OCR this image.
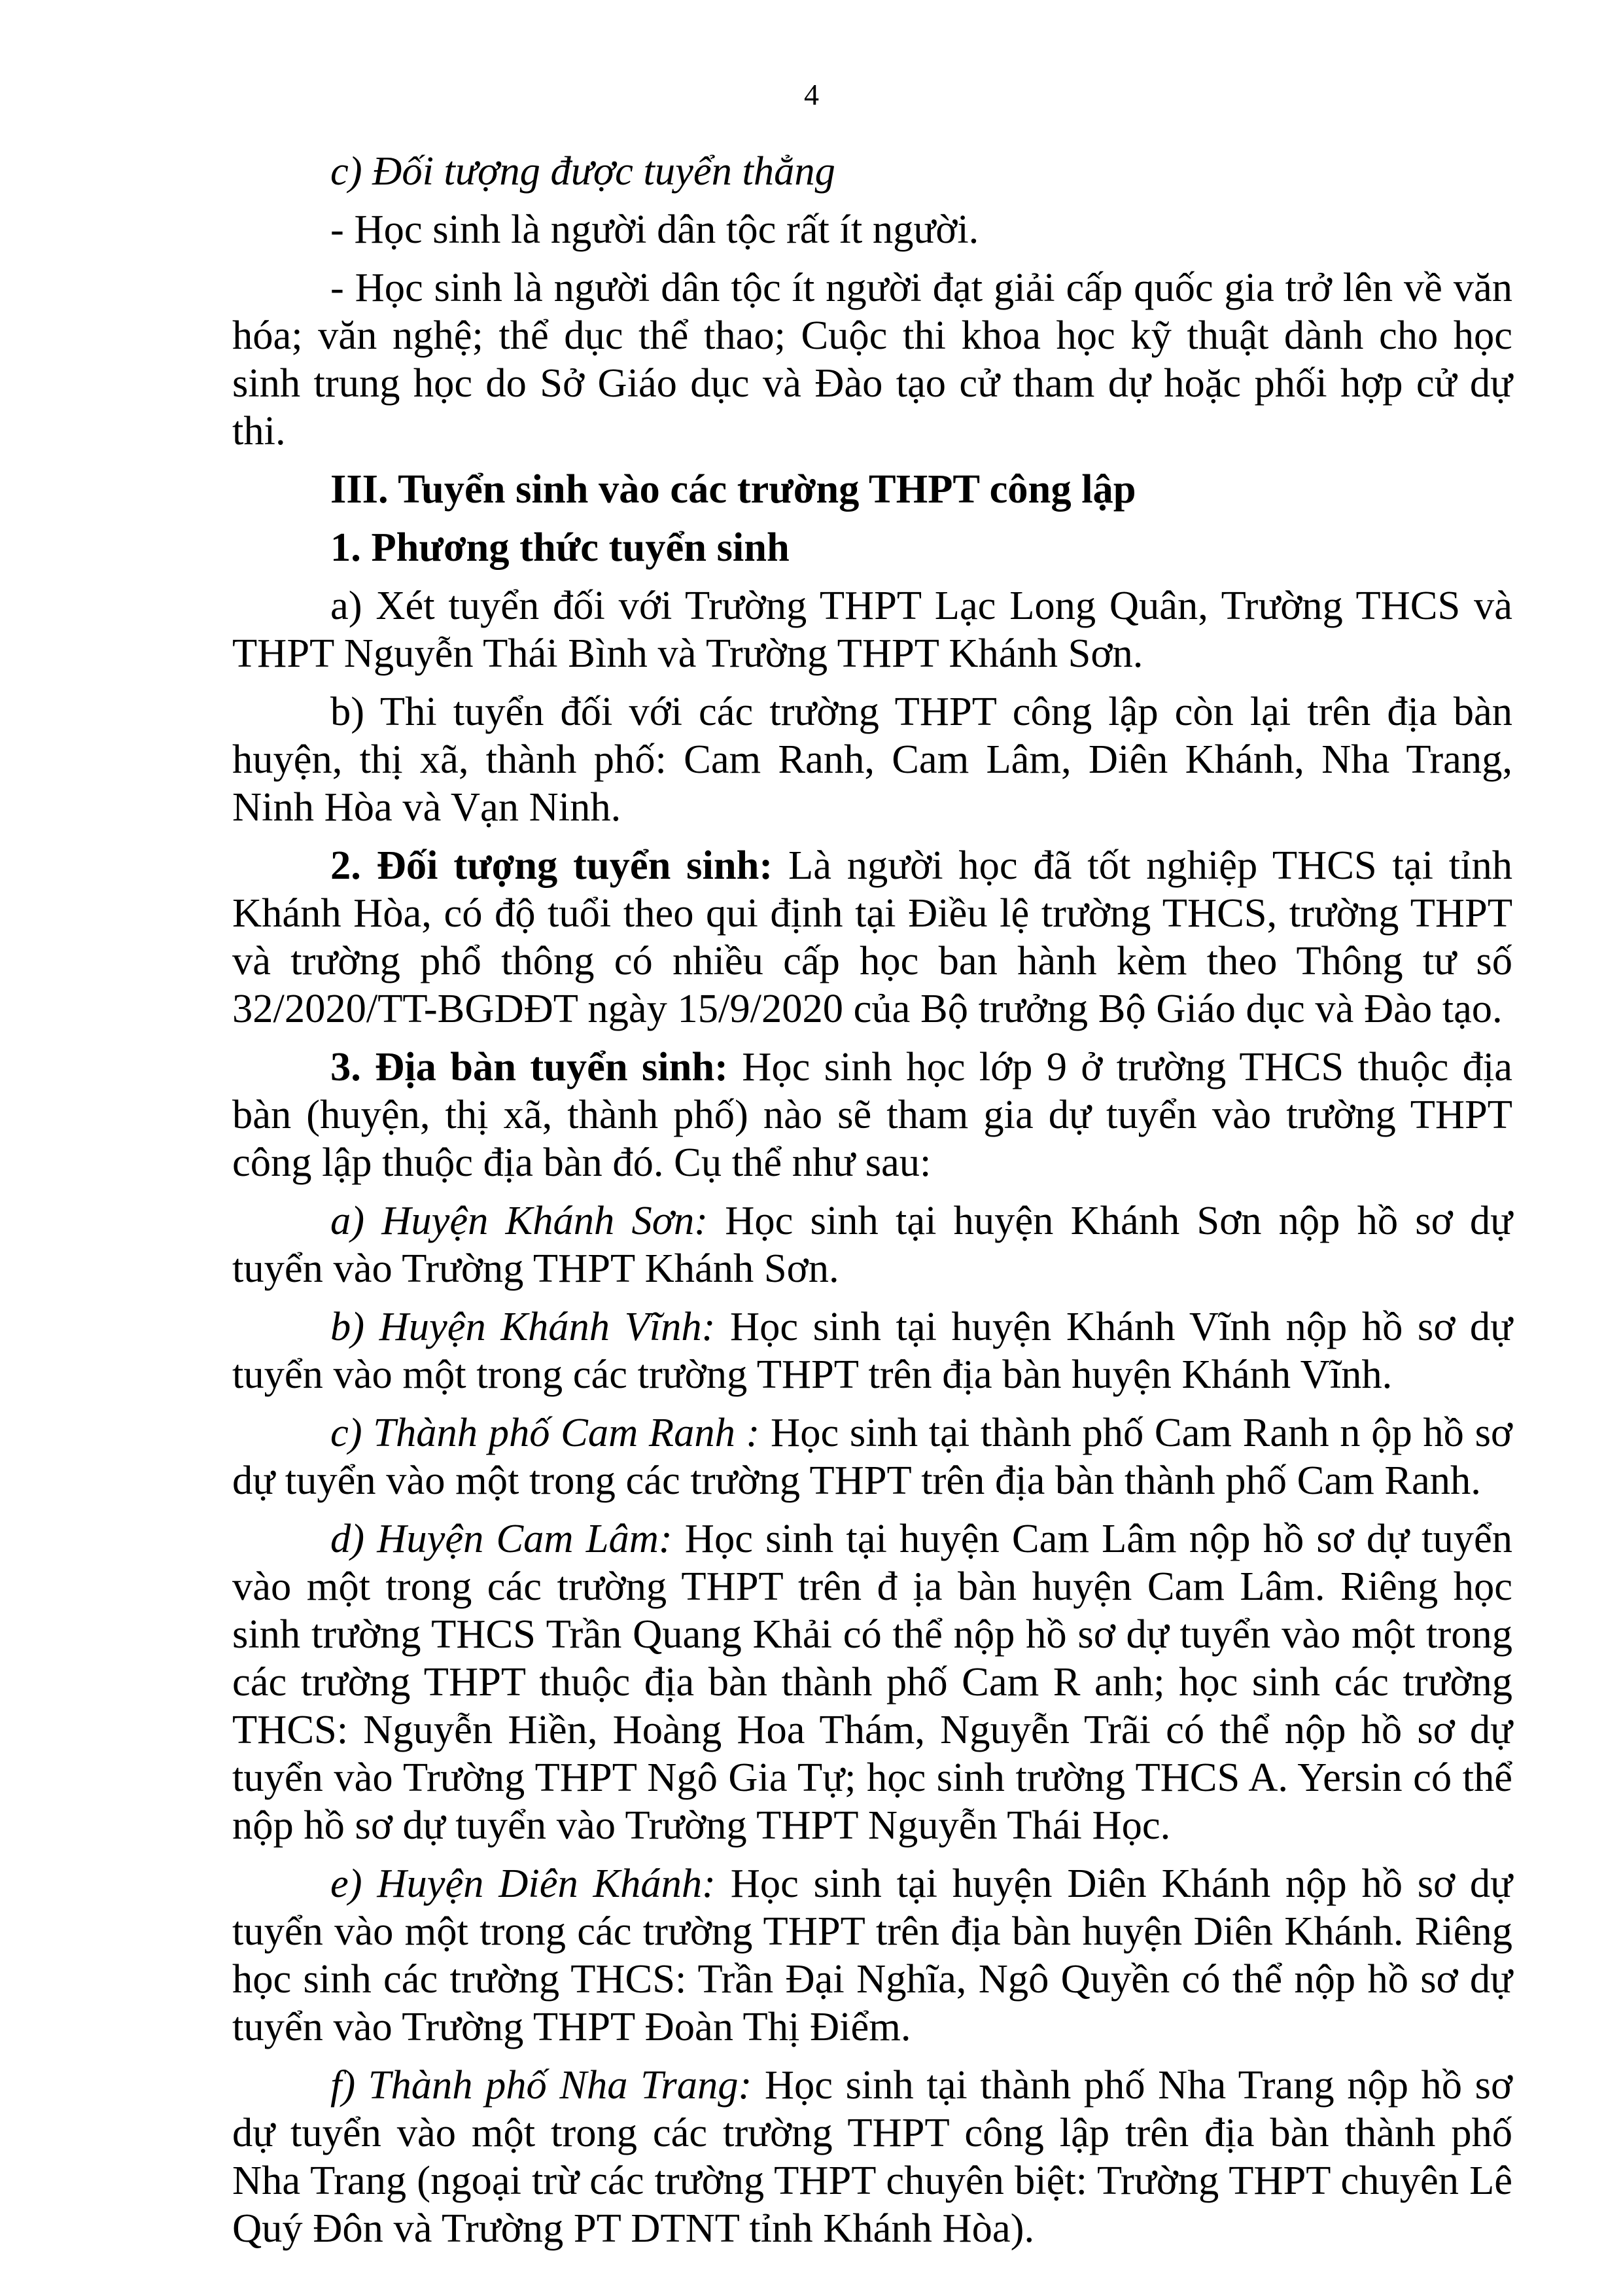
4

c) Đối tượng được tuyển thẳng

- Học sinh là người dân tộc rất ít người.

- Học sinh là người dân tộc ít người đạt giải cấp quốc gia trở lên về văn hóa; văn nghệ; thể dục thể thao; Cuộc thi khoa học kỹ thuật dành cho học sinh trung học do Sở Giáo dục và Đào tạo cử tham dự hoặc phối hợp cử dự thi.

III. Tuyển sinh vào các trường THPT công lập

1. Phương thức tuyển sinh

a) Xét tuyển đối với Trường THPT Lạc Long Quân, Trường THCS và THPT Nguyễn Thái Bình và Trường THPT Khánh Sơn.

b) Thi tuyển đối với các trường THPT công lập còn lại trên địa bàn huyện, thị xã, thành phố: Cam Ranh, Cam Lâm, Diên Khánh, Nha Trang, Ninh Hòa và Vạn Ninh.

2. Đối tượng tuyển sinh: Là người học đã tốt nghiệp THCS tại tỉnh Khánh Hòa, có độ tuổi theo qui định tại Điều lệ trường THCS, trường THPT và trường phổ thông có nhiều cấp học ban hành kèm theo Thông tư số 32/2020/TT-BGDĐT ngày 15/9/2020 của Bộ trưởng Bộ Giáo dục và Đào tạo.

3. Địa bàn tuyển sinh: Học sinh học lớp 9 ở trường THCS thuộc địa bàn (huyện, thị xã, thành phố) nào sẽ tham gia dự tuyển vào trường THPT công lập thuộc địa bàn đó. Cụ thể như sau:

a) Huyện Khánh Sơn: Học sinh tại huyện Khánh Sơn nộp hồ sơ dự tuyển vào Trường THPT Khánh Sơn.

b) Huyện Khánh Vĩnh: Học sinh tại huyện Khánh Vĩnh nộp hồ sơ dự tuyển vào một trong các trường THPT trên địa bàn huyện Khánh Vĩnh.

c) Thành phố Cam Ranh : Học sinh tại thành phố Cam Ranh n ộp hồ sơ dự tuyển vào một trong các trường THPT trên địa bàn thành phố Cam Ranh.

d) Huyện Cam Lâm: Học sinh tại huyện Cam Lâm nộp hồ sơ dự tuyển vào một trong các trường THPT trên đ ịa bàn huyện Cam Lâm. Riêng học sinh trường THCS Trần Quang Khải có thể nộp hồ sơ dự tuyển vào một trong các trường THPT thuộc địa bàn thành phố Cam R anh; học sinh các trường THCS: Nguyễn Hiền, Hoàng Hoa Thám, Nguyễn Trãi có thể nộp hồ sơ dự tuyển vào Trường THPT Ngô Gia Tự; học sinh trường THCS A. Yersin có thể nộp hồ sơ dự tuyển vào Trường THPT Nguyễn Thái Học.

e) Huyện Diên Khánh: Học sinh tại huyện Diên Khánh nộp hồ sơ dự tuyển vào một trong các trường THPT trên địa bàn huyện Diên Khánh. Riêng học sinh các trường THCS: Trần Đại Nghĩa, Ngô Quyền có thể nộp hồ sơ dự tuyển vào Trường THPT Đoàn Thị Điểm.

f) Thành phố Nha Trang: Học sinh tại thành phố Nha Trang nộp hồ sơ dự tuyển vào một trong các trường THPT công lập trên địa bàn thành phố Nha Trang (ngoại trừ các trường THPT chuyên biệt: Trường THPT chuyên Lê Quý Đôn và Trường PT DTNT tỉnh Khánh Hòa).
